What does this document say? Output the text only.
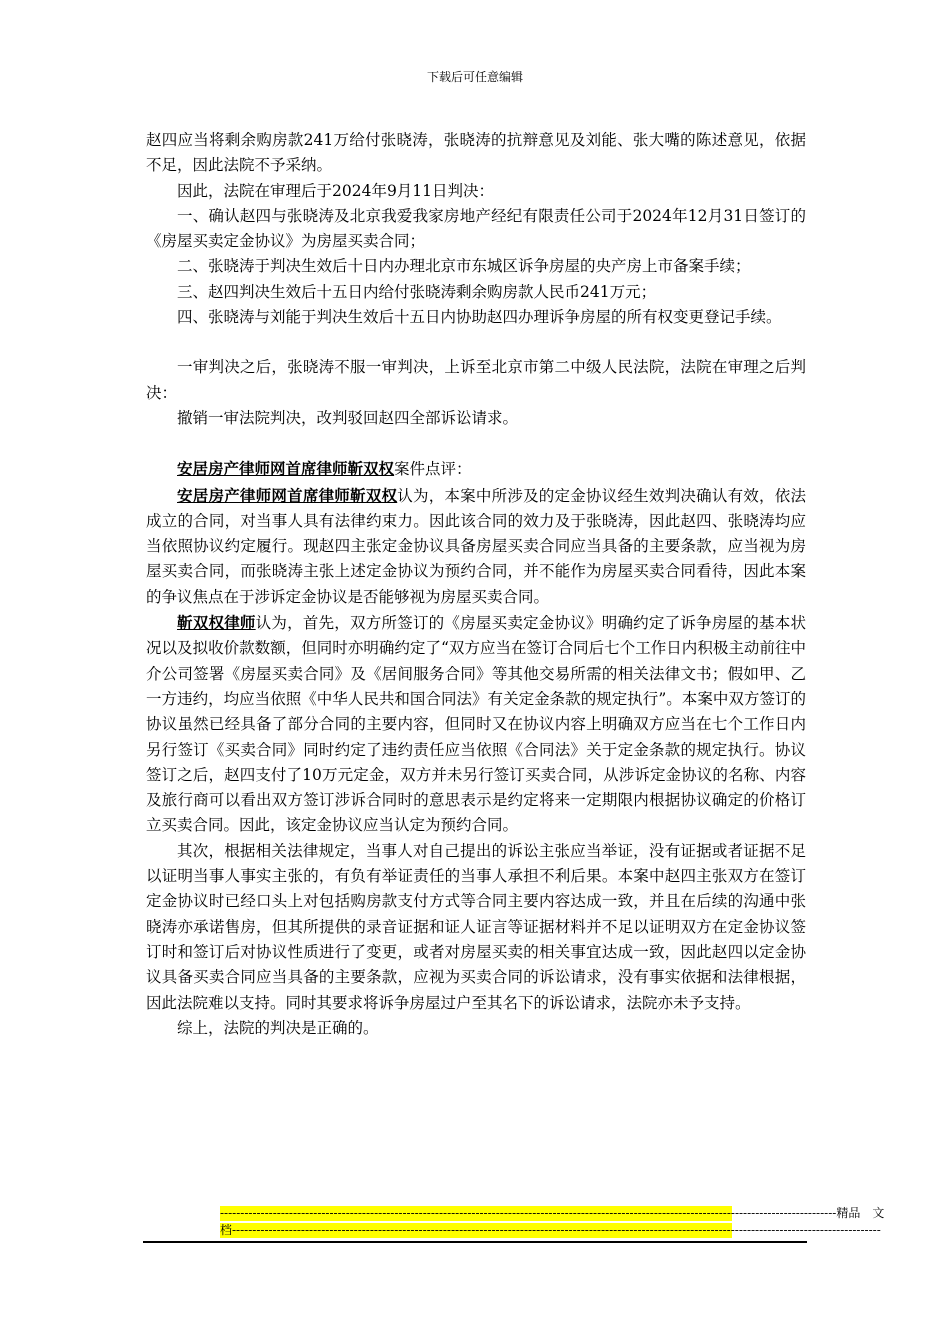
下载后可任意编辑

赵四应当将剩余购房款241万给付张晓涛，张晓涛的抗辩意见及刘能、张大嘴的陈述意见，依据不足，因此法院不予采纳。

因此，法院在审理后于2024年9月11日判决：

一、确认赵四与张晓涛及北京我爱我家房地产经纪有限责任公司于2024年12月31日签订的《房屋买卖定金协议》为房屋买卖合同；

二、张晓涛于判决生效后十日内办理北京市东城区诉争房屋的央产房上市备案手续；

三、赵四判决生效后十五日内给付张晓涛剩余购房款人民币241万元；

四、张晓涛与刘能于判决生效后十五日内协助赵四办理诉争房屋的所有权变更登记手续。

一审判决之后，张晓涛不服一审判决，上诉至北京市第二中级人民法院，法院在审理之后判决：

撤销一审法院判决，改判驳回赵四全部诉讼请求。

安居房产律师网首席律师靳双权案件点评：

安居房产律师网首席律师靳双权认为，本案中所涉及的定金协议经生效判决确认有效，依法成立的合同，对当事人具有法律约束力。因此该合同的效力及于张晓涛，因此赵四、张晓涛均应当依照协议约定履行。现赵四主张定金协议具备房屋买卖合同应当具备的主要条款，应当视为房屋买卖合同，而张晓涛主张上述定金协议为预约合同，并不能作为房屋买卖合同看待，因此本案的争议焦点在于涉诉定金协议是否能够视为房屋买卖合同。

靳双权律师认为，首先，双方所签订的《房屋买卖定金协议》明确约定了诉争房屋的基本状况以及拟收价款数额，但同时亦明确约定了“双方应当在签订合同后七个工作日内积极主动前往中介公司签署《房屋买卖合同》及《居间服务合同》等其他交易所需的相关法律文书；假如甲、乙一方违约，均应当依照《中华人民共和国合同法》有关定金条款的规定执行”。本案中双方签订的协议虽然已经具备了部分合同的主要内容，但同时又在协议内容上明确双方应当在七个工作日内另行签订《买卖合同》同时约定了违约责任应当依照《合同法》关于定金条款的规定执行。协议签订之后，赵四支付了10万元定金，双方并未另行签订买卖合同，从涉诉定金协议的名称、内容及旅行商可以看出双方签订涉诉合同时的意思表示是约定将来一定期限内根据协议确定的价格订立买卖合同。因此，该定金协议应当认定为预约合同。

其次，根据相关法律规定，当事人对自己提出的诉讼主张应当举证，没有证据或者证据不足以证明当事人事实主张的，有负有举证责任的当事人承担不利后果。本案中赵四主张双方在签订定金协议时已经口头上对包括购房款支付方式等合同主要内容达成一致，并且在后续的沟通中张晓涛亦承诺售房，但其所提供的录音证据和证人证言等证据材料并不足以证明双方在定金协议签订时和签订后对协议性质进行了变更，或者对房屋买卖的相关事宜达成一致，因此赵四以定金协议具备买卖合同应当具备的主要条款，应视为买卖合同的诉讼请求，没有事实依据和法律根据，因此法院难以支持。同时其要求将诉争房屋过户至其名下的诉讼请求，法院亦未予支持。

综上，法院的判决是正确的。

--------------------------------------------------------------------------------------------------------------------------------------------------------精品　文
档----------------------------------------------------------------------------------------------------------------------------------------------------------------
